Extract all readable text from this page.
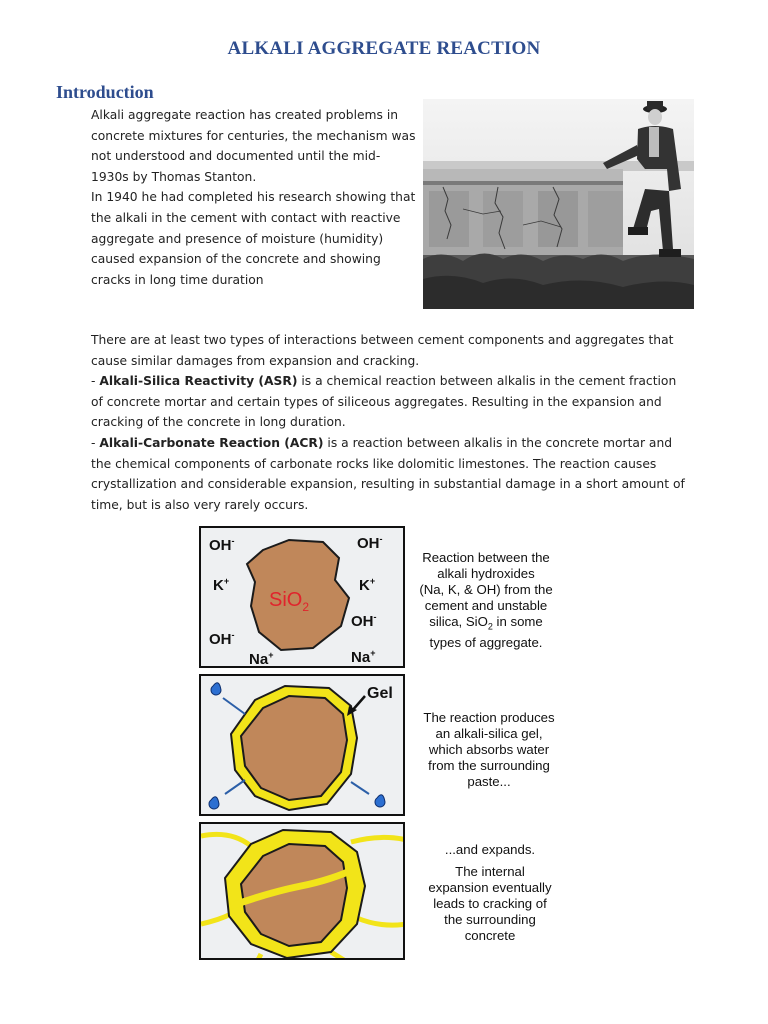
ALKALI AGGREGATE REACTION
Introduction

Alkali aggregate reaction has created problems in concrete mixtures for centuries, the mechanism was not understood and documented until the mid-1930s by Thomas Stanton.

In 1940 he had completed his research showing that the alkali in the cement with contact with reactive aggregate and presence of moisture (humidity) caused expansion of the concrete and showing cracks in long time duration

There are at least two types of interactions between cement components and aggregates that cause similar damages from expansion and cracking.

- Alkali-Silica Reactivity (ASR) is a chemical reaction between alkalis in the cement fraction of concrete mortar and certain types of siliceous aggregates. Resulting in the expansion and cracking of the concrete in long duration.

- Alkali-Carbonate Reaction (ACR) is a reaction between alkalis in the concrete mortar and the chemical components of carbonate rocks like dolomitic limestones. The reaction causes crystallization and considerable expansion, resulting in substantial damage in a short amount of time, but is also very rarely occurs.

SiO$_2$
OH-	OH-
K+	K+
OH-
OH-
Na+	Na+

Reaction between the

alkali hydroxides

(Na, K, & OH) from the

cement and unstable

silica, SiO$_2$ in some

types of aggregate.

Gel

The reaction produces

an alkali-silica gel,

which absorbs water

from the surrounding

paste...

...and expands.

The internal

expansion eventually

leads to cracking of

the surrounding

concrete
